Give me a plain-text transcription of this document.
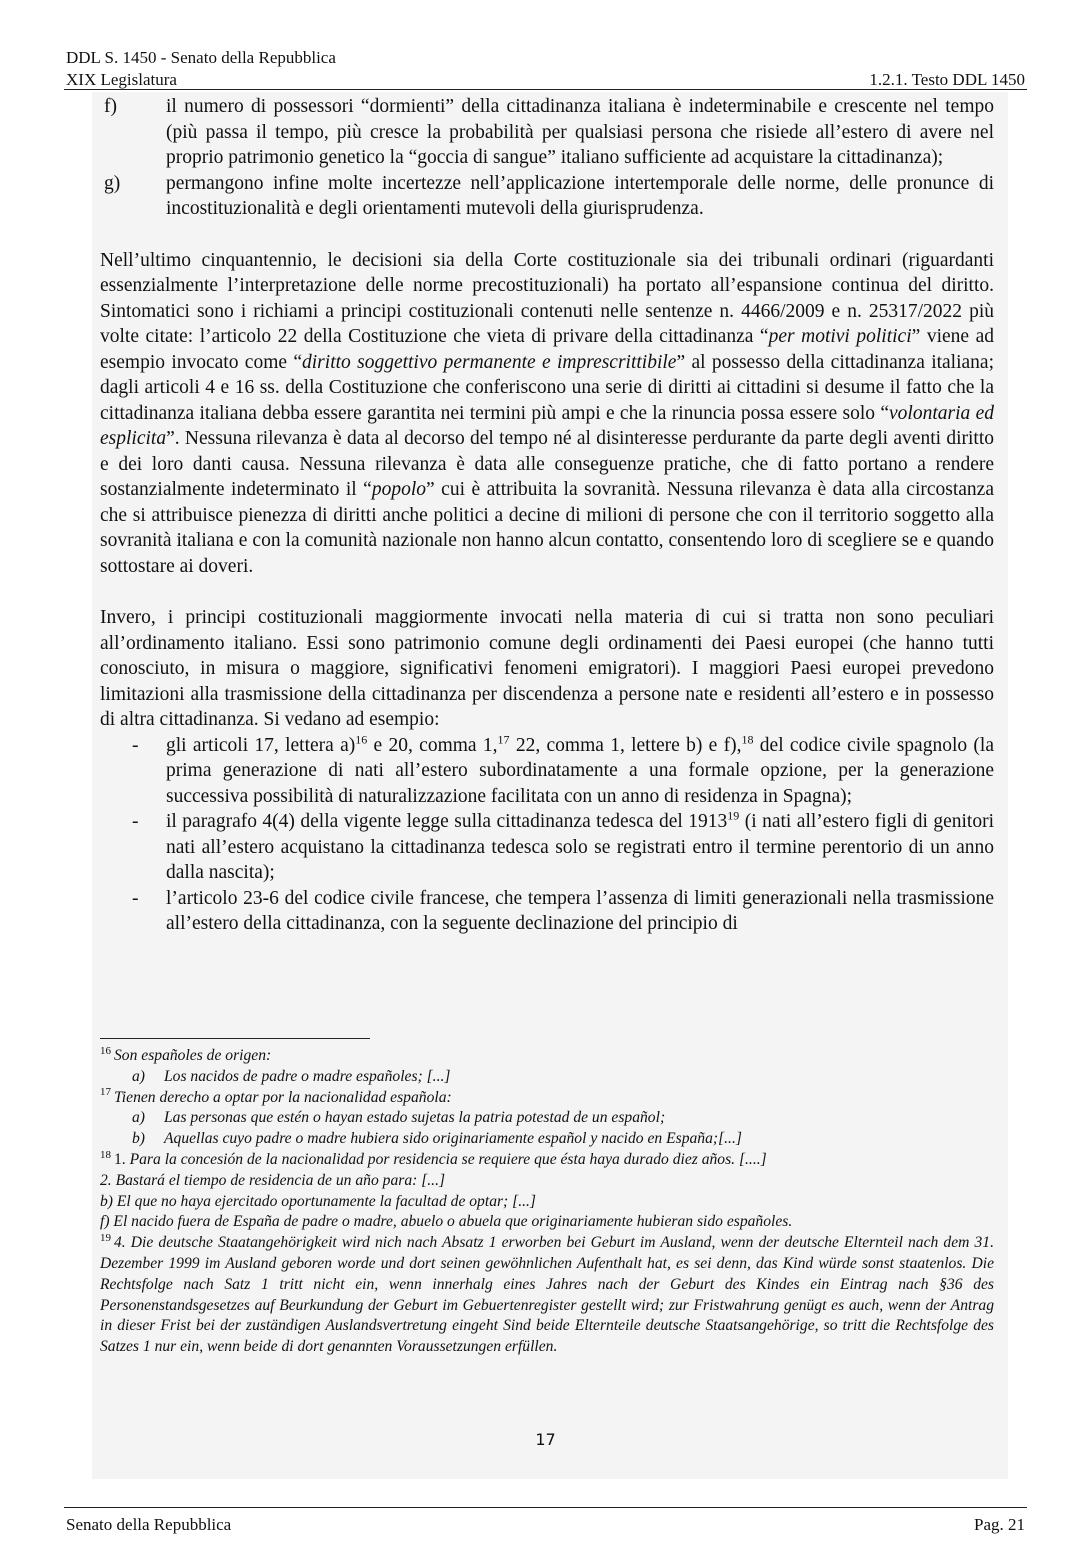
DDL S. 1450 - Senato della Repubblica
XIX Legislatura	1.2.1. Testo DDL 1450
f)	il numero di possessori “dormienti” della cittadinanza italiana è indeterminabile e crescente nel tempo (più passa il tempo, più cresce la probabilità per qualsiasi persona che risiede all’estero di avere nel proprio patrimonio genetico la “goccia di sangue” italiano sufficiente ad acquistare la cittadinanza);
g)	permangono infine molte incertezze nell’applicazione intertemporale delle norme, delle pronunce di incostituzionalità e degli orientamenti mutevoli della giurisprudenza.

Nell’ultimo cinquantennio, le decisioni sia della Corte costituzionale sia dei tribunali ordinari (riguardanti essenzialmente l’interpretazione delle norme precostituzionali) ha portato all’espansione continua del diritto. Sintomatici sono i richiami a principi costituzionali contenuti nelle sentenze n. 4466/2009 e n. 25317/2022 più volte citate: l’articolo 22 della Costituzione che vieta di privare della cittadinanza “per motivi politici” viene ad esempio invocato come “diritto soggettivo permanente e imprescrittibile” al possesso della cittadinanza italiana; dagli articoli 4 e 16 ss. della Costituzione che conferiscono una serie di diritti ai cittadini si desume il fatto che la cittadinanza italiana debba essere garantita nei termini più ampi e che la rinuncia possa essere solo “volontaria ed esplicita”. Nessuna rilevanza è data al decorso del tempo né al disinteresse perdurante da parte degli aventi diritto e dei loro danti causa. Nessuna rilevanza è data alle conseguenze pratiche, che di fatto portano a rendere sostanzialmente indeterminato il “popolo” cui è attribuita la sovranità. Nessuna rilevanza è data alla circostanza che si attribuisce pienezza di diritti anche politici a decine di milioni di persone che con il territorio soggetto alla sovranità italiana e con la comunità nazionale non hanno alcun contatto, consentendo loro di scegliere se e quando sottostare ai doveri.

Invero, i principi costituzionali maggiormente invocati nella materia di cui si tratta non sono peculiari all’ordinamento italiano. Essi sono patrimonio comune degli ordinamenti dei Paesi europei (che hanno tutti conosciuto, in misura o maggiore, significativi fenomeni emigratori). I maggiori Paesi europei prevedono limitazioni alla trasmissione della cittadinanza per discendenza a persone nate e residenti all’estero e in possesso di altra cittadinanza. Si vedano ad esempio:

-	gli articoli 17, lettera a)$^{16}$ e 20, comma 1,17 22, comma 1, lettere b) e f),$^{18}$ del codice civile spagnolo (la prima generazione di nati all’estero subordinatamente a una formale opzione, per la generazione successiva possibilità di naturalizzazione facilitata con un anno di residenza in Spagna);
-	il paragrafo 4(4) della vigente legge sulla cittadinanza tedesca del 1913$^{19}$ (i nati all’estero figli di genitori nati all’estero acquistano la cittadinanza tedesca solo se registrati entro il termine perentorio di un anno dalla nascita);
-	l’articolo 23-6 del codice civile francese, che tempera l’assenza di limiti generazionali nella trasmissione all’estero della cittadinanza, con la seguente declinazione del principio di
$^{16}$ Son españoles de origen:
a) Los nacidos de padre o madre españoles; [...]
$^{17}$ Tienen derecho a optar por la nacionalidad española:
a) Las personas que estén o hayan estado sujetas la patria potestad de un español;
b) Aquellas cuyo padre o madre hubiera sido originariamente español y nacido en España;[...]
$^{18}$ 1. Para la concesión de la nacionalidad por residencia se requiere que ésta haya durado diez años. [....]
2. Bastará el tiempo de residencia de un año para: [...]
b) El que no haya ejercitado oportunamente la facultad de optar; [...]
f) El nacido fuera de España de padre o madre, abuelo o abuela que originariamente hubieran sido españoles.
$^{19}$ 4. Die deutsche Staatangehörigkeit wird nich nach Absatz 1 erworben bei Geburt im Ausland, wenn der deutsche Elternteil nach dem 31. Dezember 1999 im Ausland geboren worde und dort seinen gewöhnlichen Aufenthalt hat, es sei denn, das Kind würde sonst staatenlos. Die Rechtsfolge nach Satz 1 tritt nicht ein, wenn innerhalg eines Jahres nach der Geburt des Kindes ein Eintrag nach §36 des Personenstandsgesetzes auf Beurkundung der Geburt im Gebuertenregister gestellt wird; zur Fristwahrung genügt es auch, wenn der Antrag in dieser Frist bei der zuständigen Auslandsvertretung eingeht Sind beide Elternteile deutsche Staatsangehörige, so tritt die Rechtsfolge des Satzes 1 nur ein, wenn beide di dort genannten Voraussetzungen erfüllen.
17
Senato della Repubblica	Pag. 21
